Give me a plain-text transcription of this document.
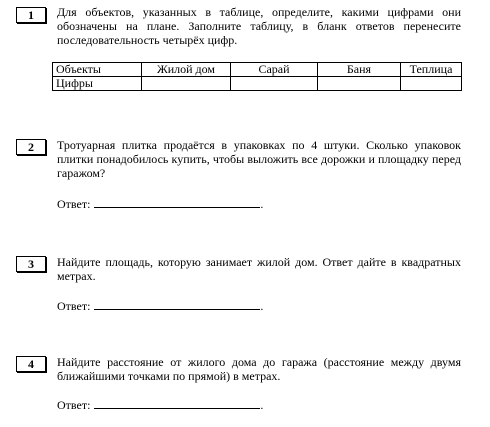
1	Для объектов, указанных в таблице, определите, какими цифрами они обозначены на плане. Заполните таблицу, в бланк ответов перенесите последовательность четырёх цифр.
Объекты	Жилой дом	Сарай	Баня	Теплица
Цифры				
2	Тротуарная плитка продаётся в упаковках по 4 штуки. Сколько упаковок плитки понадобилось купить, чтобы выложить все дорожки и площадку перед гаражом?
Ответ:	.
3	Найдите площадь, которую занимает жилой дом. Ответ дайте в квадратных метрах.
Ответ:	.
4	Найдите расстояние от жилого дома до гаража (расстояние между двумя ближайшими точками по прямой) в метрах.
Ответ:	.
